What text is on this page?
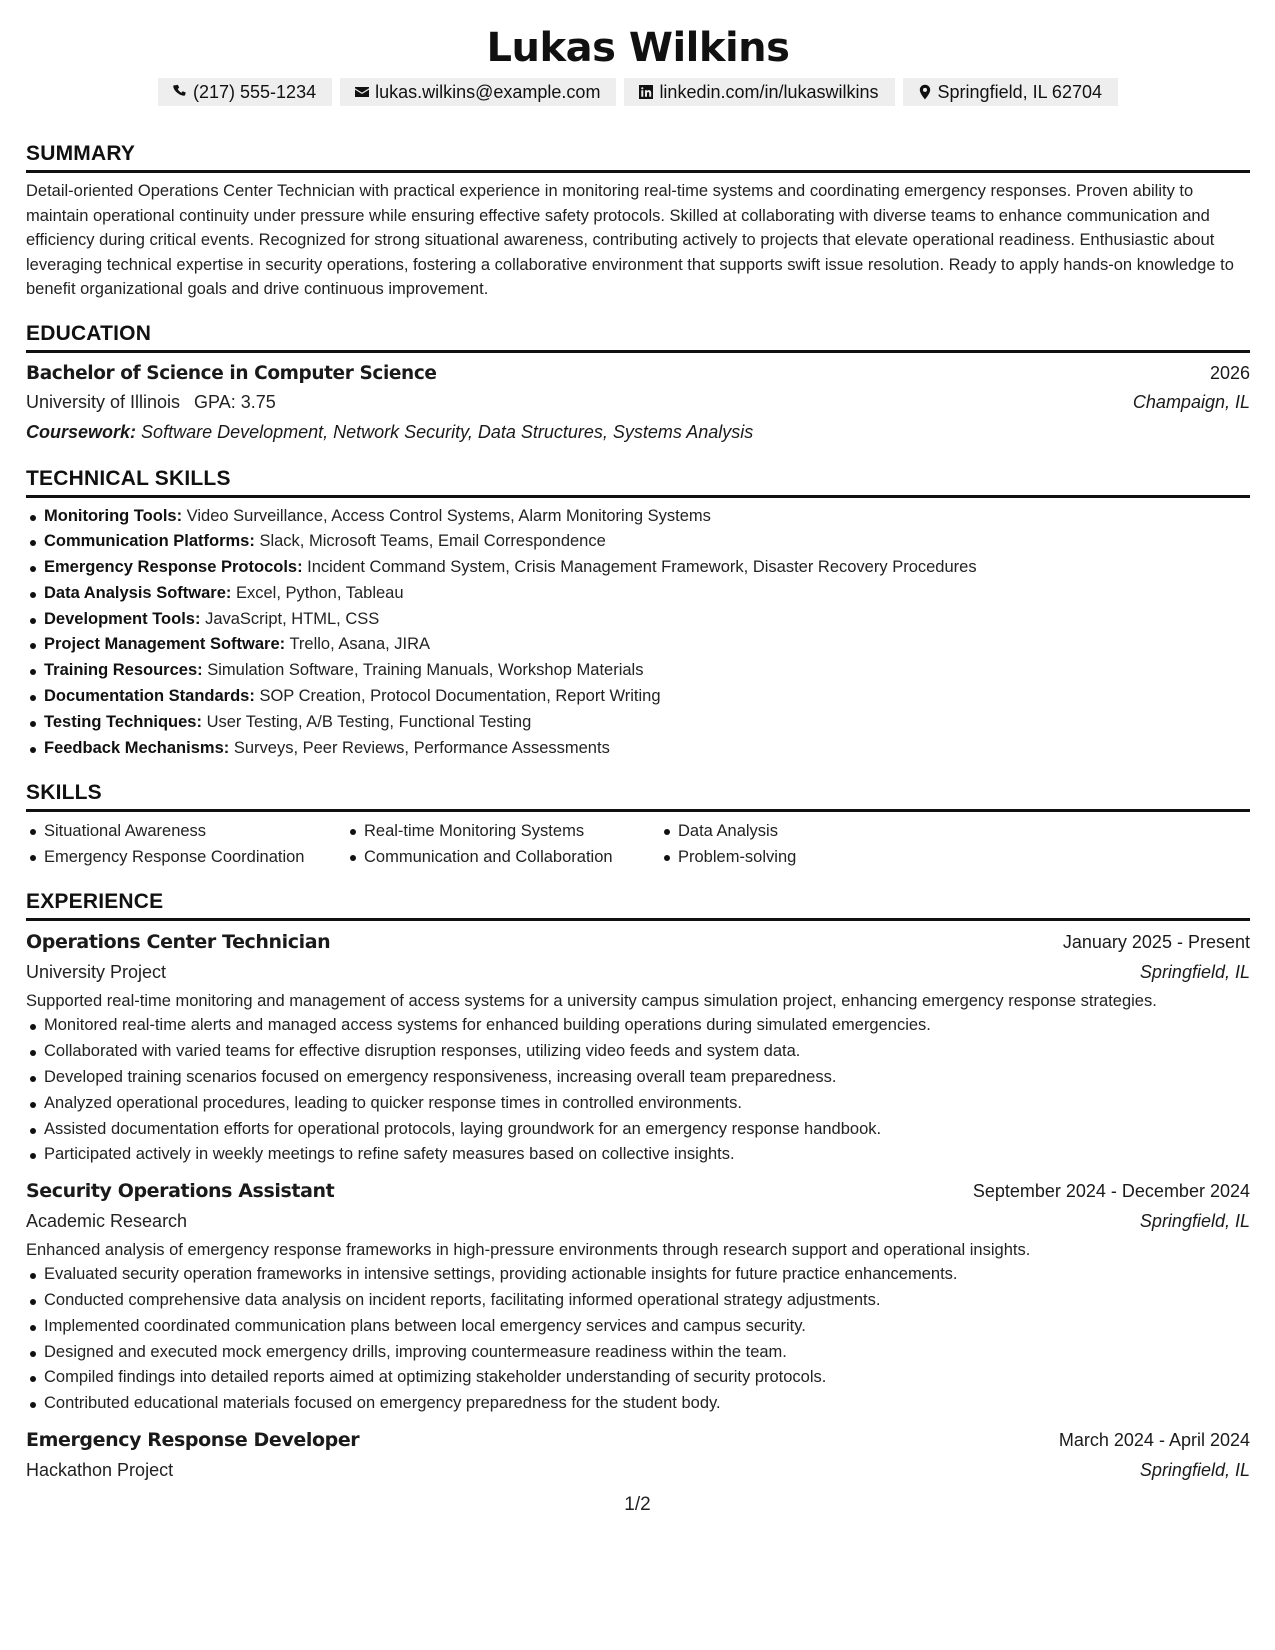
Lukas Wilkins
(217) 555-1234	lukas.wilkins@example.com	linkedin.com/in/lukaswilkins	Springfield, IL 62704
SUMMARY

Detail-oriented Operations Center Technician with practical experience in monitoring real-time systems and coordinating emergency responses. Proven ability to maintain operational continuity under pressure while ensuring effective safety protocols. Skilled at collaborating with diverse teams to enhance communication and efficiency during critical events. Recognized for strong situational awareness, contributing actively to projects that elevate operational readiness. Enthusiastic about leveraging technical expertise in security operations, fostering a collaborative environment that supports swift issue resolution. Ready to apply hands-on knowledge to benefit organizational goals and drive continuous improvement.

EDUCATION
Bachelor of Science in Computer Science	2026
University of Illinois GPA: 3.75	Champaign, IL
Coursework: Software Development, Network Security, Data Structures, Systems Analysis
TECHNICAL SKILLS
Monitoring Tools: Video Surveillance, Access Control Systems, Alarm Monitoring Systems
Communication Platforms: Slack, Microsoft Teams, Email Correspondence
Emergency Response Protocols: Incident Command System, Crisis Management Framework, Disaster Recovery Procedures
Data Analysis Software: Excel, Python, Tableau
Development Tools: JavaScript, HTML, CSS
Project Management Software: Trello, Asana, JIRA
Training Resources: Simulation Software, Training Manuals, Workshop Materials
Documentation Standards: SOP Creation, Protocol Documentation, Report Writing
Testing Techniques: User Testing, A/B Testing, Functional Testing
Feedback Mechanisms: Surveys, Peer Reviews, Performance Assessments
SKILLS
Situational Awareness
Emergency Response Coordination
Real-time Monitoring Systems
Communication and Collaboration
Data Analysis
Problem-solving
EXPERIENCE
Operations Center Technician	January 2025 - Present
University Project	Springfield, IL
Supported real-time monitoring and management of access systems for a university campus simulation project, enhancing emergency response strategies.
Monitored real-time alerts and managed access systems for enhanced building operations during simulated emergencies.
Collaborated with varied teams for effective disruption responses, utilizing video feeds and system data.
Developed training scenarios focused on emergency responsiveness, increasing overall team preparedness.
Analyzed operational procedures, leading to quicker response times in controlled environments.
Assisted documentation efforts for operational protocols, laying groundwork for an emergency response handbook.
Participated actively in weekly meetings to refine safety measures based on collective insights.
Security Operations Assistant	September 2024 - December 2024
Academic Research	Springfield, IL
Enhanced analysis of emergency response frameworks in high-pressure environments through research support and operational insights.
Evaluated security operation frameworks in intensive settings, providing actionable insights for future practice enhancements.
Conducted comprehensive data analysis on incident reports, facilitating informed operational strategy adjustments.
Implemented coordinated communication plans between local emergency services and campus security.
Designed and executed mock emergency drills, improving countermeasure readiness within the team.
Compiled findings into detailed reports aimed at optimizing stakeholder understanding of security protocols.
Contributed educational materials focused on emergency preparedness for the student body.
Emergency Response Developer	March 2024 - April 2024
Hackathon Project	Springfield, IL
1/2
